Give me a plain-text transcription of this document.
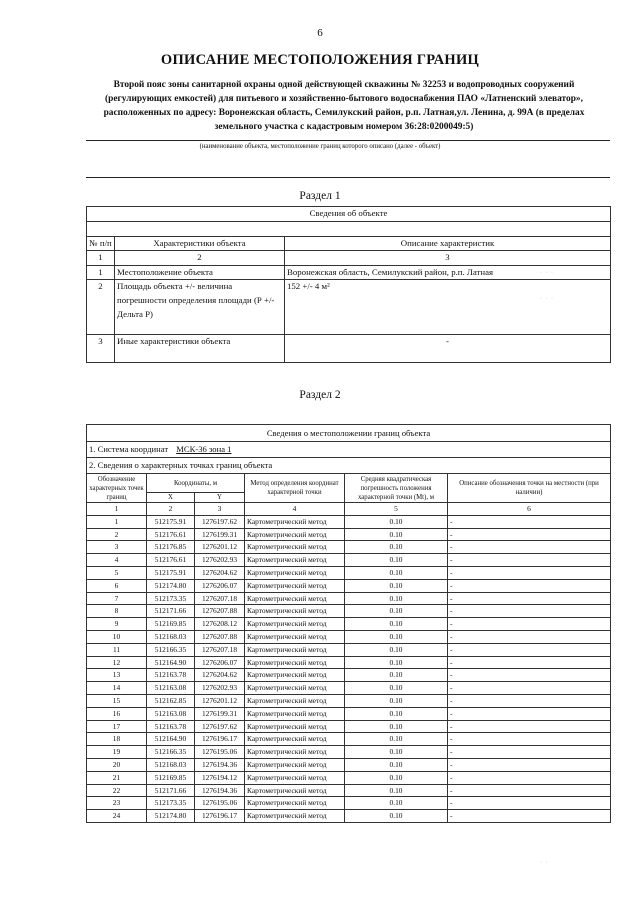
6
ОПИСАНИЕ МЕСТОПОЛОЖЕНИЯ ГРАНИЦ
Второй пояс зоны санитарной охраны одной действующей скважины № 32253 и водопроводных сооружений (регулирующих емкостей) для питьевого и хозяйственно-бытового водоснабжения ПАО «Латненский элеватор», расположенных по адресу: Воронежская область, Семилукский район, р.п. Латная,ул. Ленина, д. 99А (в пределах земельного участка с кадастровым номером 36:28:0200049:5)
(наименование объекта, местоположение границ которого описано (далее - объект)
Раздел 1
Сведения об объекте		

№ п/п	Характеристики объекта	Описание характеристик
1	2	3
1	Местоположение объекта	Воронежская область, Семилукский район, р.п. Латная
2	Площадь объекта +/- величина погрешности определения площади (Р +/- Дельта Р)	152 +/- 4 м²
3	Иные характеристики объекта	-
Раздел 2
Сведения о местоположении границ объекта					
1. Система координат МСК-36 зона 1					
2. Сведения о характерных точках границ объекта					
Обозначение характерных точек границ	Координаты, м		Метод определения координат характерной точки	Средняя квадратическая погрешность положения характерной точки (Mt), м	Описание обозначения точки на местности (при наличии)
	X	Y			
1	2	3	4	5	6
1	512175.91	1276197.62	Картометрический метод	0.10	-
2	512176.61	1276199.31	Картометрический метод	0.10	-
3	512176.85	1276201.12	Картометрический метод	0.10	-
4	512176.61	1276202.93	Картометрический метод	0.10	-
5	512175.91	1276204.62	Картометрический метод	0.10	-
6	512174.80	1276206.07	Картометрический метод	0.10	-
7	512173.35	1276207.18	Картометрический метод	0.10	-
8	512171.66	1276207.88	Картометрический метод	0.10	-
9	512169.85	1276208.12	Картометрический метод	0.10	-
10	512168.03	1276207.88	Картометрический метод	0.10	-
11	512166.35	1276207.18	Картометрический метод	0.10	-
12	512164.90	1276206.07	Картометрический метод	0.10	-
13	512163.78	1276204.62	Картометрический метод	0.10	-
14	512163.08	1276202.93	Картометрический метод	0.10	-
15	512162.85	1276201.12	Картометрический метод	0.10	-
16	512163.08	1276199.31	Картометрический метод	0.10	-
17	512163.78	1276197.62	Картометрический метод	0.10	-
18	512164.90	1276196.17	Картометрический метод	0.10	-
19	512166.35	1276195.06	Картометрический метод	0.10	-
20	512168.03	1276194.36	Картометрический метод	0.10	-
21	512169.85	1276194.12	Картометрический метод	0.10	-
22	512171.66	1276194.36	Картометрический метод	0.10	-
23	512173.35	1276195.06	Картометрический метод	0.10	-
24	512174.80	1276196.17	Картометрический метод	0.10	-
· · ·
· · ·
· ·
